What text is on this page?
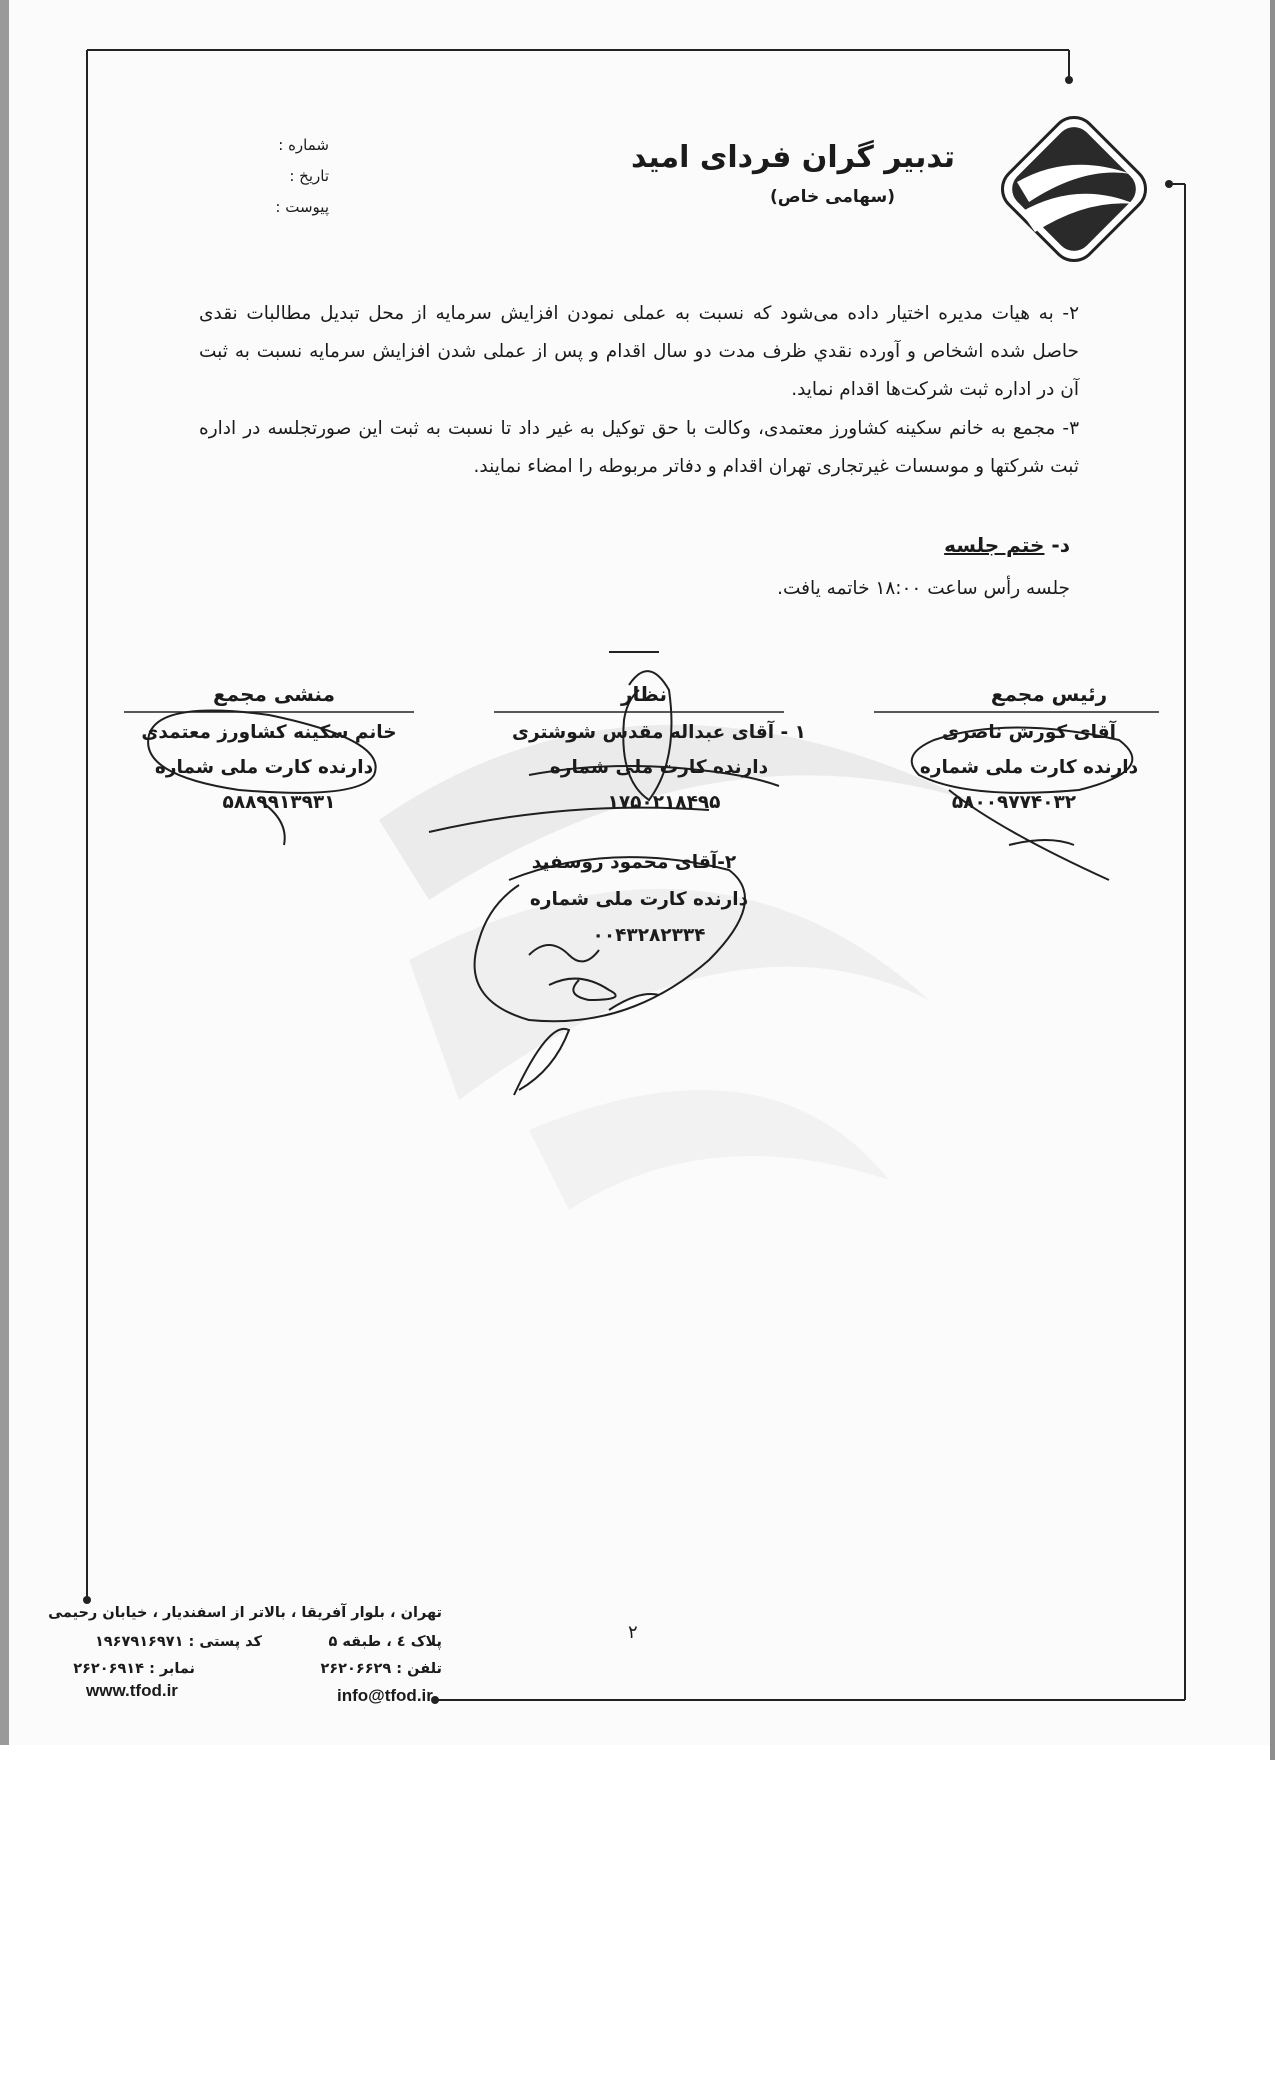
شماره :
تاریخ :
پیوست :
تدبیر گران فردای امید
(سهامی خاص)
۲- به هیات مدیره اختیار داده می‌شود که نسبت به عملی نمودن افزایش سرمایه از محل تبدیل مطالبات نقدی حاصل شده اشخاص و آورده نقدي ظرف مدت دو سال اقدام و پس از عملی شدن افزایش سرمایه نسبت به ثبت آن در اداره ثبت شرکت‌ها اقدام نماید.
۳- مجمع به خانم سکینه کشاورز معتمدی، وکالت با حق توکیل به غیر داد تا نسبت به ثبت این صورتجلسه در اداره ثبت شرکتها و موسسات غیرتجاری تهران اقدام و دفاتر مربوطه را امضاء نمایند.
د- ختم جلسه
جلسه رأس ساعت ۱۸:۰۰ خاتمه یافت.
رئیس مجمع
نظار
منشی مجمع
آقای کورش ناصری
دارنده کارت ملی شماره
۵۸۰۰۹۷۷۴۰۳۲
۱ - آقای عبداله مقدس شوشتری
دارنده کارت ملی شماره
۱۷۵۰۲۱۸۴۹۵
۲-آقای محمود روسفید
دارنده کارت ملی شماره
۰۰۴۳۲۸۲۳۳۴
خانم سکینه کشاورز معتمدی
دارنده کارت ملی شماره
۵۸۸۹۹۱۳۹۳۱
۲
تهران ، بلوار آفریقا ، بالاتر از اسفندیار ، خیابان رحیمی
پلاک ٤ ، طبقه ۵
کد پستی : ۱۹۶۷۹۱۶۹۷۱
تلفن : ۲۶۲۰۶۶۲۹
نمابر : ۲۶۲۰۶۹۱۴
www.tfod.ir	info@tfod.ir
